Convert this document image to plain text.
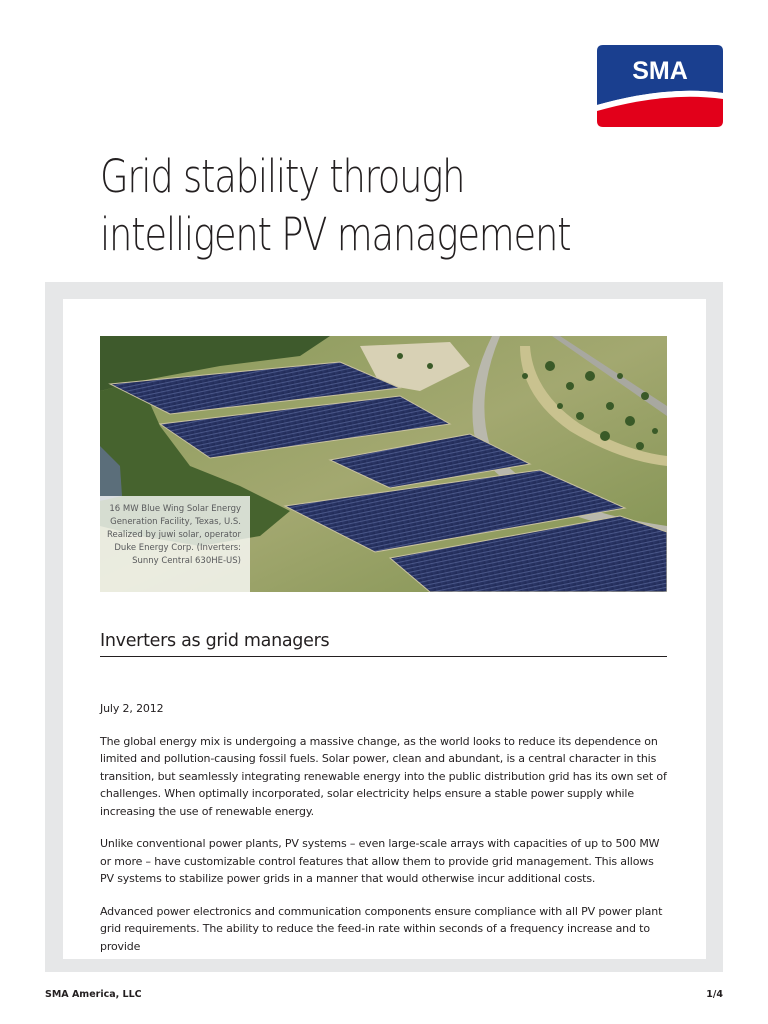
SMA
Grid stability through
intelligent PV management
16 MW Blue Wing Solar Energy
Generation Facility, Texas, U.S.
Realized by juwi solar, operator
Duke Energy Corp. (Inverters:
Sunny Central 630HE-US)
Inverters as grid managers

July 2, 2012

The global energy mix is undergoing a massive change, as the world looks to reduce its dependence on limited and pollution-causing fossil fuels. Solar power, clean and abundant, is a central character in this transition, but seamlessly integrating renewable energy into the public distribution grid has its own set of challenges. When optimally incorporated, solar electricity helps ensure a stable power supply while increasing the use of renewable energy.

Unlike conventional power plants, PV systems – even large-scale arrays with capacities of up to 500 MW or more – have customizable control features that allow them to provide grid management. This allows PV systems to stabilize power grids in a manner that would otherwise incur additional costs.

Advanced power electronics and communication components ensure compliance with all PV power plant grid requirements. The ability to reduce the feed-in rate within seconds of a frequency increase and to provide

SMA America, LLC	1/4
